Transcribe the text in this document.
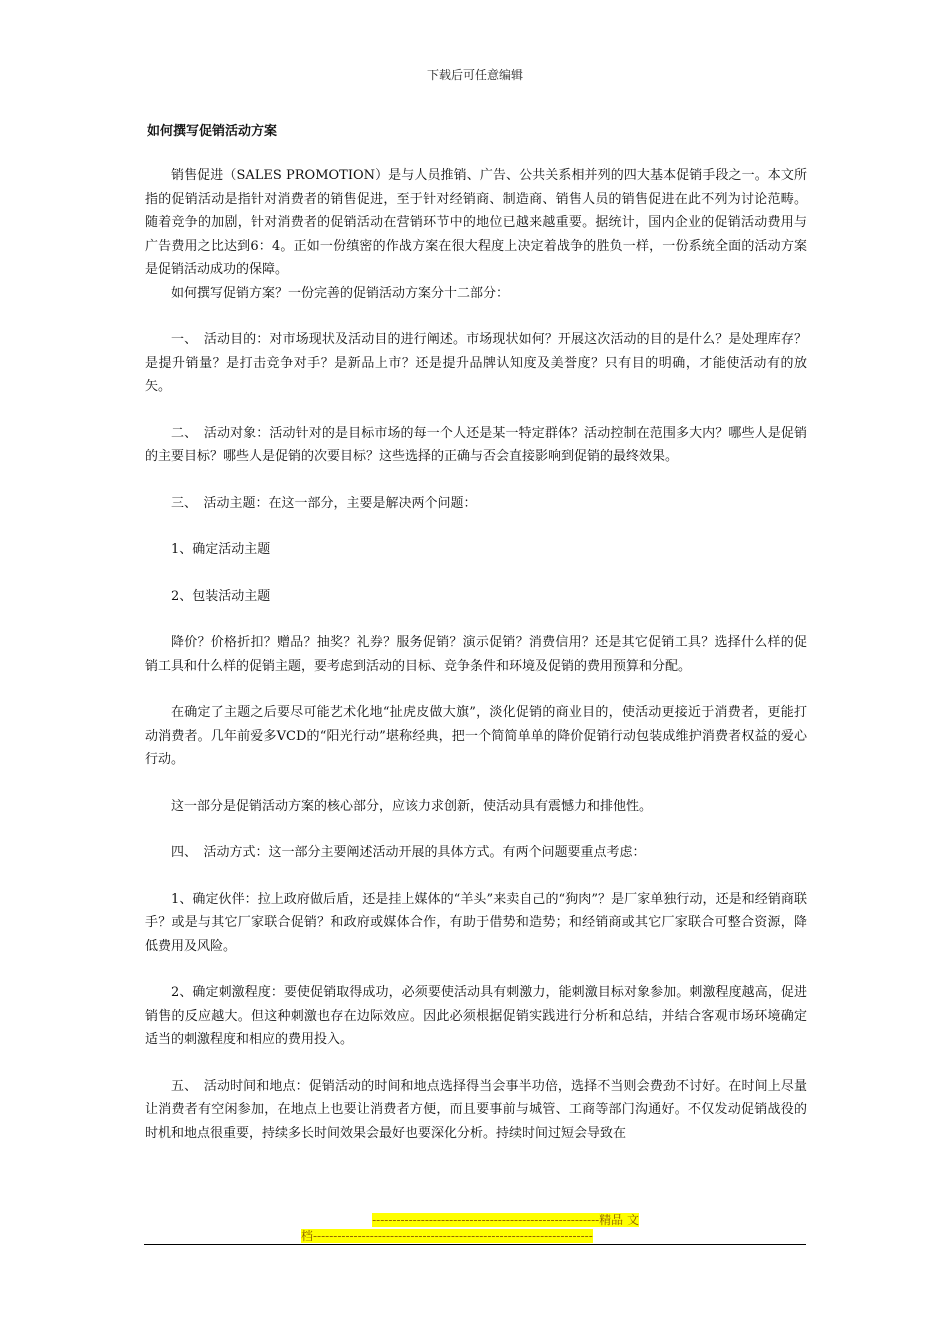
下载后可任意编辑
如何撰写促销活动方案

销售促进（SALES PROMOTION）是与人员推销、广告、公共关系相并列的四大基本促销手段之一。本文所指的促销活动是指针对消费者的销售促进，至于针对经销商、制造商、销售人员的销售促进在此不列为讨论范畴。随着竞争的加剧，针对消费者的促销活动在营销环节中的地位已越来越重要。据统计，国内企业的促销活动费用与广告费用之比达到6：4。正如一份缜密的作战方案在很大程度上决定着战争的胜负一样，一份系统全面的活动方案是促销活动成功的保障。

如何撰写促销方案？一份完善的促销活动方案分十二部分：

一、　活动目的：对市场现状及活动目的进行阐述。市场现状如何？开展这次活动的目的是什么？是处理库存？是提升销量？是打击竞争对手？是新品上市？还是提升品牌认知度及美誉度？只有目的明确，才能使活动有的放矢。

二、　活动对象：活动针对的是目标市场的每一个人还是某一特定群体？活动控制在范围多大内？哪些人是促销的主要目标？哪些人是促销的次要目标？这些选择的正确与否会直接影响到促销的最终效果。

三、　活动主题：在这一部分，主要是解决两个问题：

1、确定活动主题

2、包装活动主题

降价？价格折扣？赠品？抽奖？礼券？服务促销？演示促销？消费信用？还是其它促销工具？选择什么样的促销工具和什么样的促销主题，要考虑到活动的目标、竞争条件和环境及促销的费用预算和分配。

在确定了主题之后要尽可能艺术化地“扯虎皮做大旗”，淡化促销的商业目的，使活动更接近于消费者，更能打动消费者。几年前爱多VCD的“阳光行动”堪称经典，把一个简简单单的降价促销行动包装成维护消费者权益的爱心行动。

这一部分是促销活动方案的核心部分，应该力求创新，使活动具有震憾力和排他性。

四、　活动方式：这一部分主要阐述活动开展的具体方式。有两个问题要重点考虑：

1、确定伙伴：拉上政府做后盾，还是挂上媒体的“羊头”来卖自己的“狗肉”？是厂家单独行动，还是和经销商联手？或是与其它厂家联合促销？和政府或媒体合作，有助于借势和造势；和经销商或其它厂家联合可整合资源，降低费用及风险。

2、确定刺激程度：要使促销取得成功，必须要使活动具有刺激力，能刺激目标对象参加。刺激程度越高，促进销售的反应越大。但这种刺激也存在边际效应。因此必须根据促销实践进行分析和总结，并结合客观市场环境确定适当的刺激程度和相应的费用投入。

五、　活动时间和地点：促销活动的时间和地点选择得当会事半功倍，选择不当则会费劲不讨好。在时间上尽量让消费者有空闲参加，在地点上也要让消费者方便，而且要事前与城管、工商等部门沟通好。不仅发动促销战役的时机和地点很重要，持续多长时间效果会最好也要深化分析。持续时间过短会导致在

--------------------------------------------------------精品 文
档---------------------------------------------------------------------
